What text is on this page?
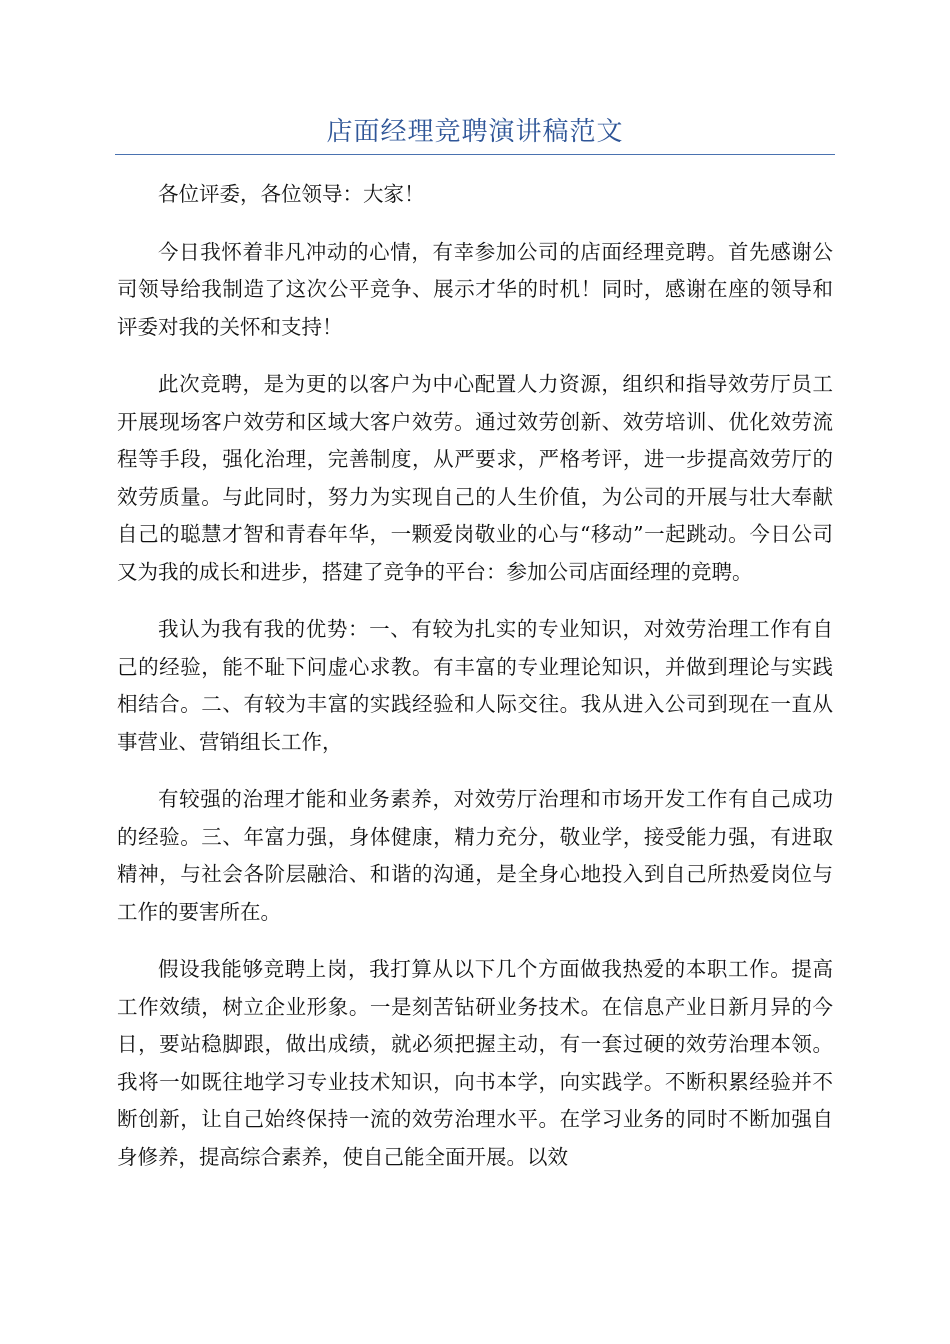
店面经理竞聘演讲稿范文

各位评委，各位领导：大家！

今日我怀着非凡冲动的心情，有幸参加公司的店面经理竞聘。首先感谢公司领导给我制造了这次公平竞争、展示才华的时机！同时，感谢在座的领导和评委对我的关怀和支持！

此次竞聘，是为更的以客户为中心配置人力资源，组织和指导效劳厅员工开展现场客户效劳和区域大客户效劳。通过效劳创新、效劳培训、优化效劳流程等手段，强化治理，完善制度，从严要求，严格考评，进一步提高效劳厅的效劳质量。与此同时，努力为实现自己的人生价值，为公司的开展与壮大奉献自己的聪慧才智和青春年华，一颗爱岗敬业的心与“移动”一起跳动。今日公司又为我的成长和进步，搭建了竞争的平台：参加公司店面经理的竞聘。

我认为我有我的优势：一、有较为扎实的专业知识，对效劳治理工作有自己的经验，能不耻下问虚心求教。有丰富的专业理论知识，并做到理论与实践相结合。二、有较为丰富的实践经验和人际交往。我从进入公司到现在一直从事营业、营销组长工作，

有较强的治理才能和业务素养，对效劳厅治理和市场开发工作有自己成功的经验。三、年富力强，身体健康，精力充分，敬业学，接受能力强，有进取精神，与社会各阶层融洽、和谐的沟通，是全身心地投入到自己所热爱岗位与工作的要害所在。

假设我能够竞聘上岗，我打算从以下几个方面做我热爱的本职工作。提高工作效绩，树立企业形象。一是刻苦钻研业务技术。在信息产业日新月异的今日，要站稳脚跟，做出成绩，就必须把握主动，有一套过硬的效劳治理本领。我将一如既往地学习专业技术知识，向书本学，向实践学。不断积累经验并不断创新，让自己始终保持一流的效劳治理水平。在学习业务的同时不断加强自身修养，提高综合素养，使自己能全面开展。以效
